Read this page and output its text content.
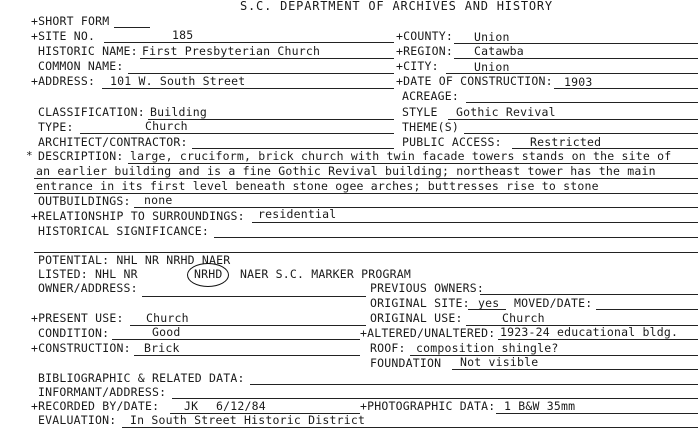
S.C. DEPARTMENT OF ARCHIVES AND HISTORY
+SHORT FORM
+SITE NO.	185	+COUNTY: Union
HISTORIC NAME: First Presbyterian Church	+REGION: Catawba
COMMON NAME:	+CITY:	Union
+ADDRESS: 101 W. South Street	+DATE OF CONSTRUCTION: 1903
ACREAGE:
CLASSIFICATION: Building	STYLE Gothic Revival
TYPE:	Church	THEME(S)
ARCHITECT/CONTRACTOR:	PUBLIC ACCESS: Restricted
* DESCRIPTION: large, cruciform, brick church with twin facade towers stands on the site of
an earlier building and is a fine Gothic Revival building; northeast tower has the main
entrance in its first level beneath stone ogee arches; buttresses rise to stone
OUTBUILDINGS: none
+RELATIONSHIP TO SURROUNDINGS: residential
HISTORICAL SIGNIFICANCE:
POTENTIAL: NHL NR NRHD NAER
LISTED: NHL NR	NRHD NAER S.C. MARKER PROGRAM
OWNER/ADDRESS:	PREVIOUS OWNERS:
ORIGINAL SITE: yes MOVED/DATE:
+PRESENT USE: Church	ORIGINAL USE:	Church
CONDITION:	Good	+ALTERED/UNALTERED: 1923-24 educational bldg.
+CONSTRUCTION: Brick	ROOF: composition shingle?
FOUNDATION Not visible
BIBLIOGRAPHIC & RELATED DATA:
INFORMANT/ADDRESS:
+RECORDED BY/DATE: JK 6/12/84	+PHOTOGRAPHIC DATA: 1 B&W 35mm
EVALUATION: In South Street Historic District
